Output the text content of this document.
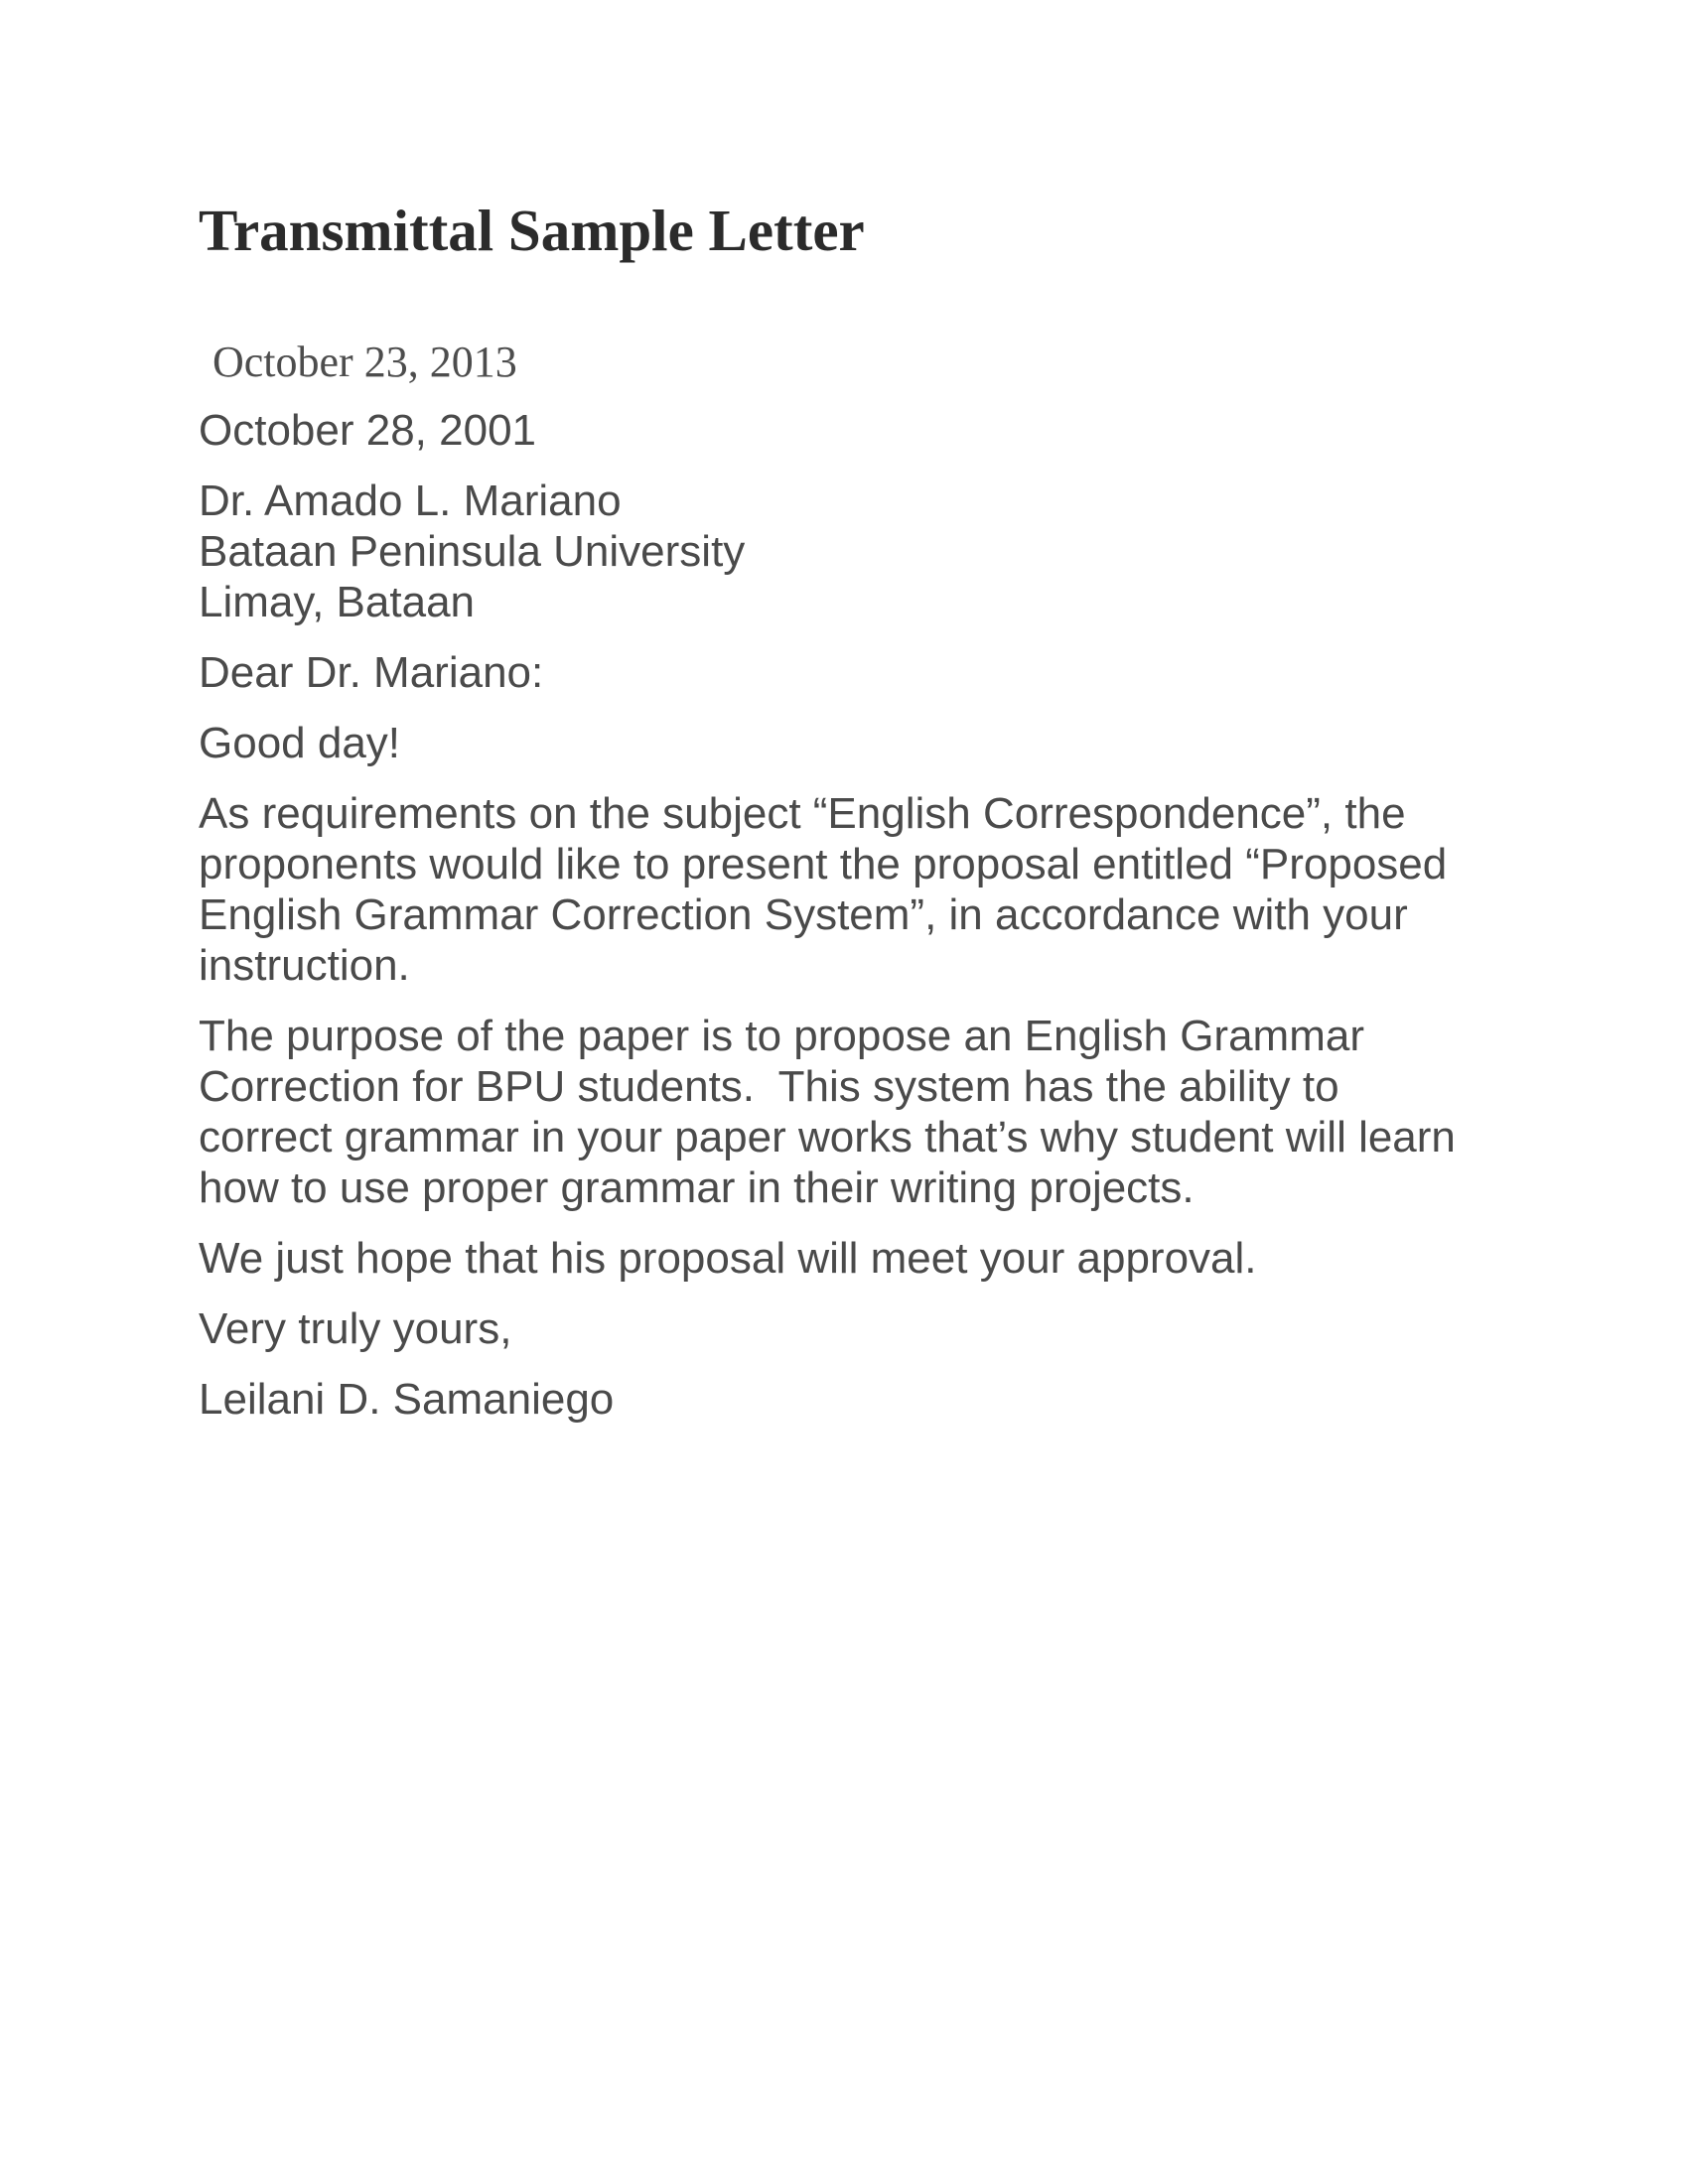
Transmittal Sample Letter
October 23, 2013

October 28, 2001

Dr. Amado L. Mariano
Bataan Peninsula University
Limay, Bataan

Dear Dr. Mariano:

Good day!

As requirements on the subject “English Correspondence”, the
proponents would like to present the proposal entitled “Proposed
English Grammar Correction System”, in accordance with your
instruction.

The purpose of the paper is to propose an English Grammar
Correction for BPU students.  This system has the ability to
correct grammar in your paper works that’s why student will learn
how to use proper grammar in their writing projects.

We just hope that his proposal will meet your approval.

Very truly yours,

Leilani D. Samaniego
